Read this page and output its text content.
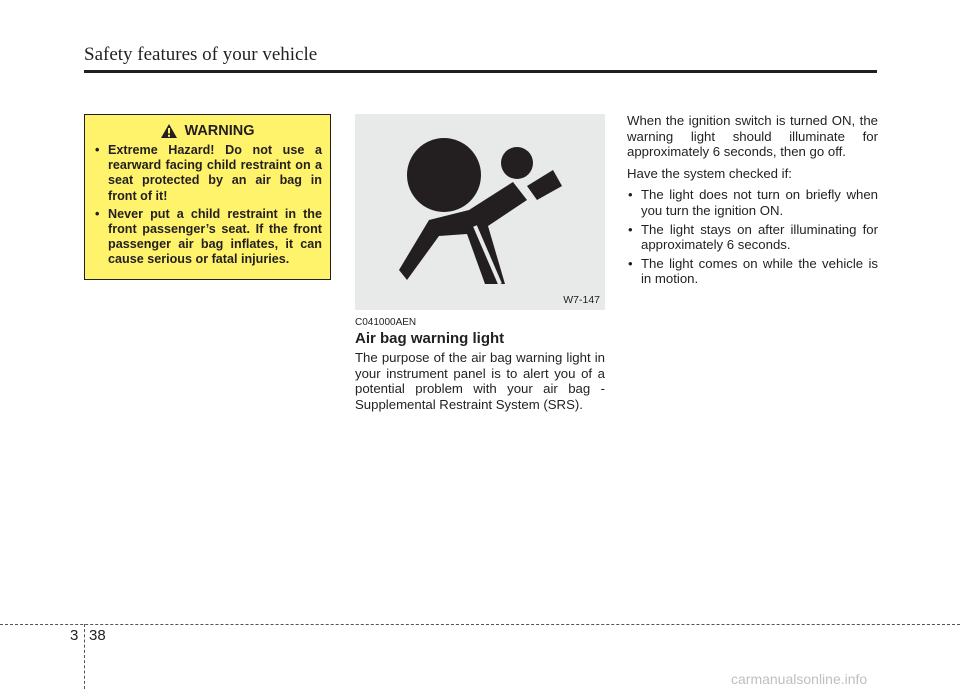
Safety features of your vehicle
WARNING
• Extreme Hazard! Do not use a rearward facing child restraint on a seat protected by an air bag in front of it!
• Never put a child restraint in the front passenger’s seat. If the front passenger air bag inflates, it can cause serious or fatal injuries.
W7-147
C041000AEN
Air bag warning light

The purpose of the air bag warning light in your instrument panel is to alert you of a potential problem with your air bag - Supplemental Restraint System (SRS).

When the ignition switch is turned ON, the warning light should illuminate for approximately 6 seconds, then go off.

Have the system checked if:

• The light does not turn on briefly when you turn the ignition ON.
• The light stays on after illuminating for approximately 6 seconds.
• The light comes on while the vehicle is in motion.
3 38
carmanualsonline.info
